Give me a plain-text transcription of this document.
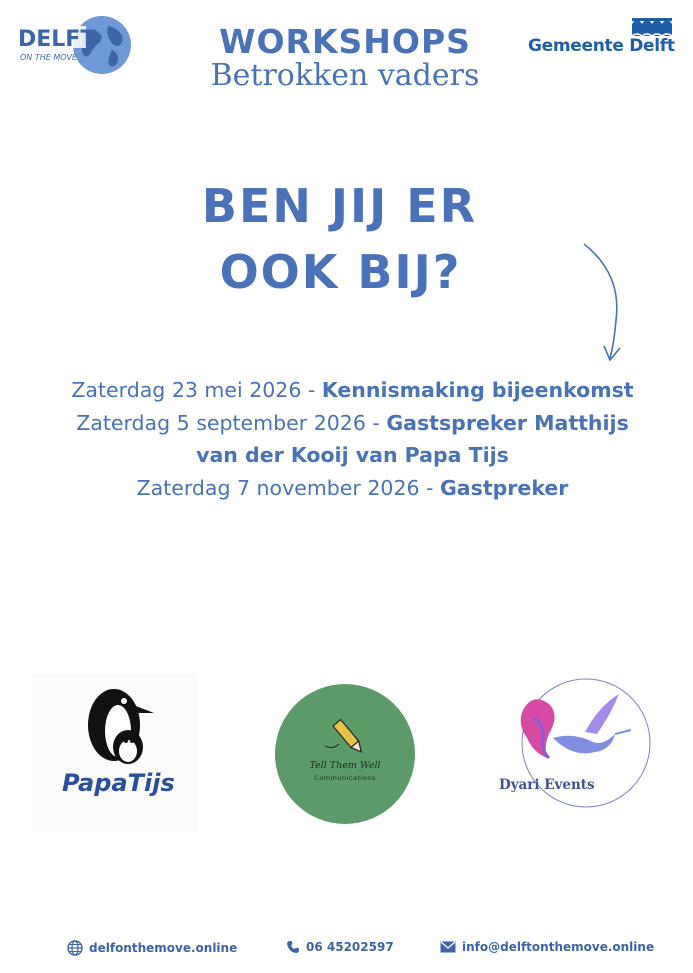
DELFT
ON THE MOVE	WORKSHOPS
Betrokken vaders
Gemeente Delft
BEN JIJ ER
OOK BIJ?
Zaterdag 23 mei 2026 - Kennismaking bijeenkomst
Zaterdag 5 september 2026 - Gastspreker Matthijs
van der Kooij van Papa Tijs
Zaterdag 7 november 2026 - Gastpreker
PapaTijs
Tell Them Well
Communications	Dyari Events
delfonthemove.online	06 45202597	info@delftonthemove.online
